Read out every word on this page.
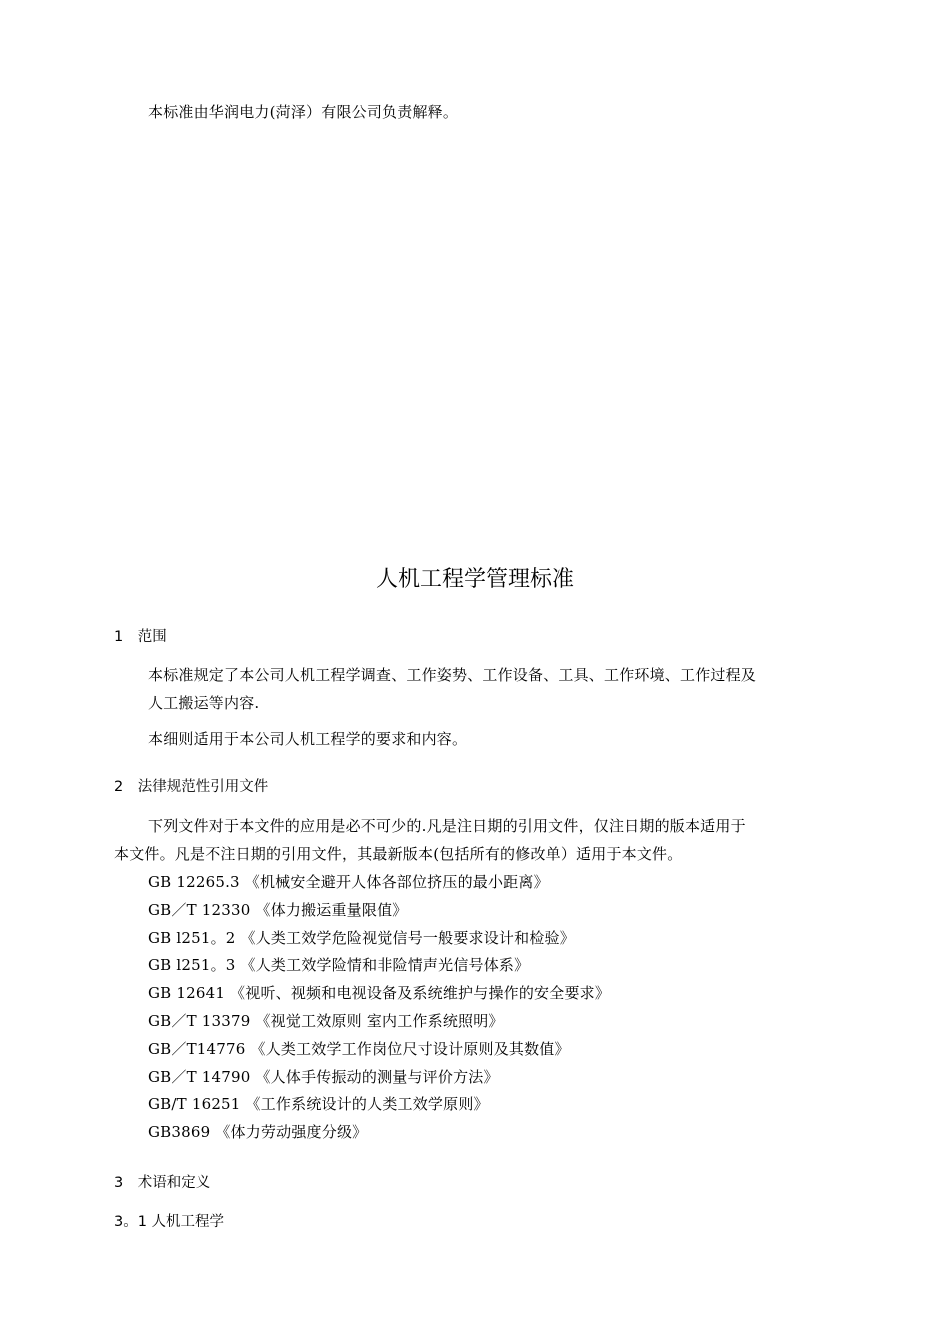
本标准由华润电力(菏泽）有限公司负责解释。
人机工程学管理标准
1　范围
本标准规定了本公司人机工程学调查、工作姿势、工作设备、工具、工作环境、工作过程及
人工搬运等内容.
本细则适用于本公司人机工程学的要求和内容。
2　法律规范性引用文件
下列文件对于本文件的应用是必不可少的.凡是注日期的引用文件，仅注日期的版本适用于
本文件。凡是不注日期的引用文件，其最新版本(包括所有的修改单）适用于本文件。
GB 12265.3 《机械安全避开人体各部位挤压的最小距离》
GB／T 12330 《体力搬运重量限值》
GB l251。2 《人类工效学危险视觉信号一般要求设计和检验》
GB l251。3 《人类工效学险情和非险情声光信号体系》
GB 12641 《视听、视频和电视设备及系统维护与操作的安全要求》
GB／T 13379 《视觉工效原则 室内工作系统照明》
GB／T14776 《人类工效学工作岗位尺寸设计原则及其数值》
GB／T 14790 《人体手传振动的测量与评价方法》
GB/T 16251 《工作系统设计的人类工效学原则》
GB3869 《体力劳动强度分级》
3　术语和定义
3。1 人机工程学
